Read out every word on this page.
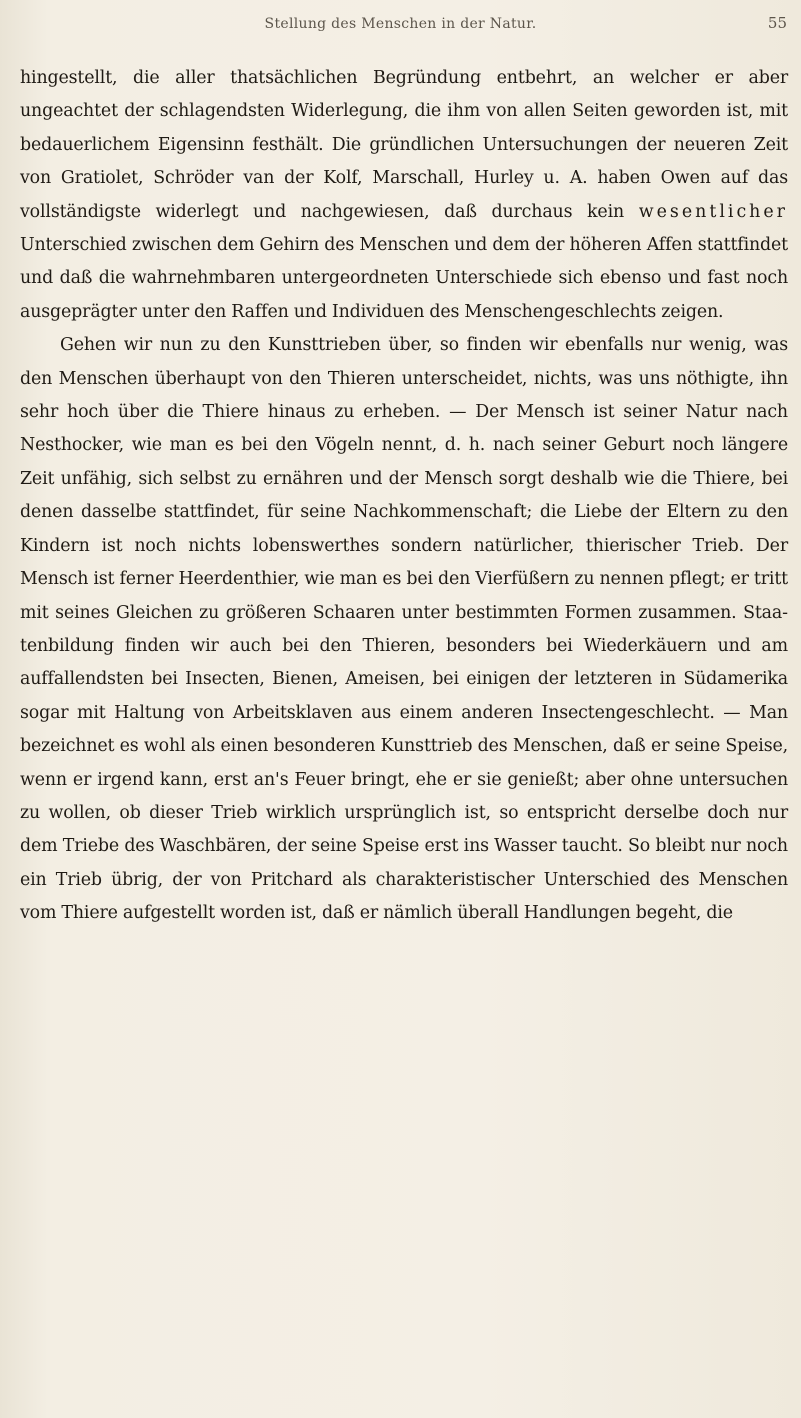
Stellung des Menschen in der Natur.	55

hingestellt, die aller thatsächlichen Begründung entbehrt, an welcher er aber ungeachtet der schlagendsten Widerlegung, die ihm von allen Seiten geworden ist, mit bedauerlichem Eigensinn festhält. Die gründlichen Untersuchungen der neueren Zeit von Gratiolet, Schröder van der Kolf, Marschall, Hurley u. A. haben Owen auf das vollständigste widerlegt und nachgewiesen, daß durchaus kein wesentlicher Unterschied zwischen dem Gehirn des Menschen und dem der höheren Affen stattfindet und daß die wahrnehmbaren untergeordneten Unterschiede sich ebenso und fast noch ausgeprägter unter den Raffen und Individuen des Menschengeschlechts zeigen.

Gehen wir nun zu den Kunsttrieben über, so finden wir ebenfalls nur wenig, was den Menschen überhaupt von den Thieren unterscheidet, nichts, was uns nöthigte, ihn sehr hoch über die Thiere hinaus zu erheben. — Der Mensch ist seiner Natur nach Nesthocker, wie man es bei den Vögeln nennt, d. h. nach seiner Geburt noch längere Zeit unfähig, sich selbst zu ernähren und der Mensch sorgt deshalb wie die Thiere, bei denen dasselbe stattfindet, für seine Nachkommenschaft; die Liebe der Eltern zu den Kindern ist noch nichts lobenswerthes sondern natürlicher, thierischer Trieb. Der Mensch ist ferner Heerdenthier, wie man es bei den Vierfüßern zu nennen pflegt; er tritt mit seines Gleichen zu größeren Schaaren unter bestimmten Formen zusammen. Staatenbildung finden wir auch bei den Thieren, besonders bei Wiederkäuern und am auffallendsten bei Insecten, Bienen, Ameisen, bei einigen der letzteren in Südamerika sogar mit Haltung von Arbeitsklaven aus einem anderen Insectengeschlecht. — Man bezeichnet es wohl als einen besonderen Kunsttrieb des Menschen, daß er seine Speise, wenn er irgend kann, erst an's Feuer bringt, ehe er sie genießt; aber ohne untersuchen zu wollen, ob dieser Trieb wirklich ursprünglich ist, so entspricht derselbe doch nur dem Triebe des Waschbären, der seine Speise erst ins Wasser taucht. So bleibt nur noch ein Trieb übrig, der von Pritchard als charakteristischer Unterschied des Menschen vom Thiere aufgestellt worden ist, daß er nämlich überall Handlungen begeht, die
